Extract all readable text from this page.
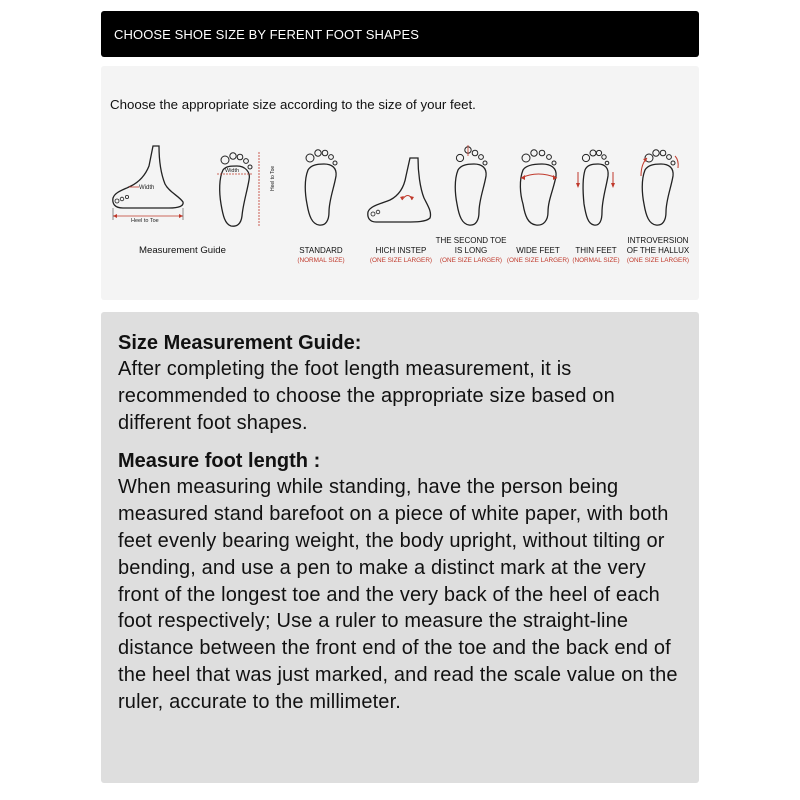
CHOOSE SHOE SIZE BY FERENT FOOT SHAPES

Choose the appropriate size according to the size of your feet.

Width
Heel to Toe
Width	Heel to Toe
Measurement Guide	STANDARD
(NORMAL SIZE)
HICH INSTEP
(ONE SIZE LARGER)
THE SECOND TOE IS LONG
(ONE SIZE LARGER)
WIDE FEET
(ONE SIZE LARGER)
THIN FEET
(NORMAL SIZE)
INTROVERSION OF THE HALLUX
(ONE SIZE LARGER)

Size Measurement Guide:

After completing the foot length measurement, it is recommended to choose the appropriate size based on different foot shapes.

Measure foot length :

When measuring while standing, have the person being measured stand barefoot on a piece of white paper, with both feet evenly bearing weight, the body upright, without tilting or bending, and use a pen to make a distinct mark at the very front of the longest toe and the very back of the heel of each foot respectively; Use a ruler to measure the straight-line distance between the front end of the toe and the back end of the heel that was just marked, and read the scale value on the ruler, accurate to the millimeter.
